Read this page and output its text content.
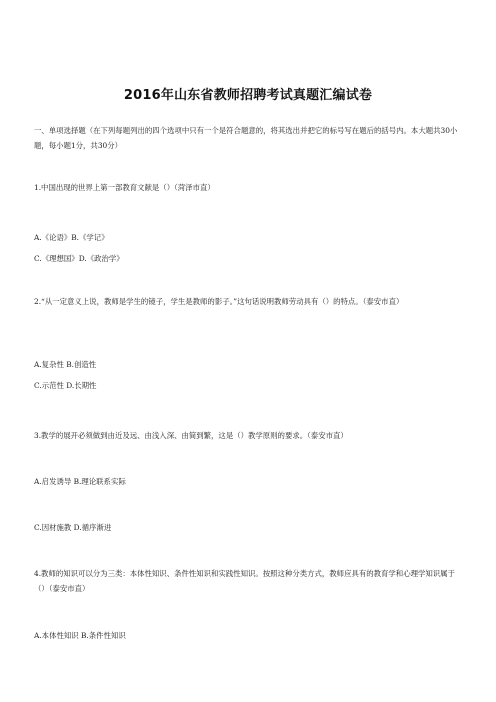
2016年山东省教师招聘考试真题汇编试卷
一、单项选择题（在下列每题列出的四个选项中只有一个是符合题意的，将其选出并把它的标号写在题后的括号内。本大题共30小题，每小题1分，共30分）
1.中国出现的世界上第一部教育文献是（）（菏泽市直）
A.《论语》B.《学记》
C.《理想国》D.《政治学》
2.“从一定意义上说，教师是学生的镜子，学生是教师的影子。”这句话说明教师劳动具有（）的特点。（泰安市直）
A.复杂性 B.创造性
C.示范性 D.长期性
3.教学的展开必须做到由近及远、由浅入深、由简到繁，这是（）教学原则的要求。（泰安市直）
A.启发诱导 B.理论联系实际
C.因材施教 D.循序渐进
4.教师的知识可以分为三类：本体性知识、条件性知识和实践性知识。按照这种分类方式，教师应具有的教育学和心理学知识属于（）（泰安市直）
A.本体性知识 B.条件性知识
